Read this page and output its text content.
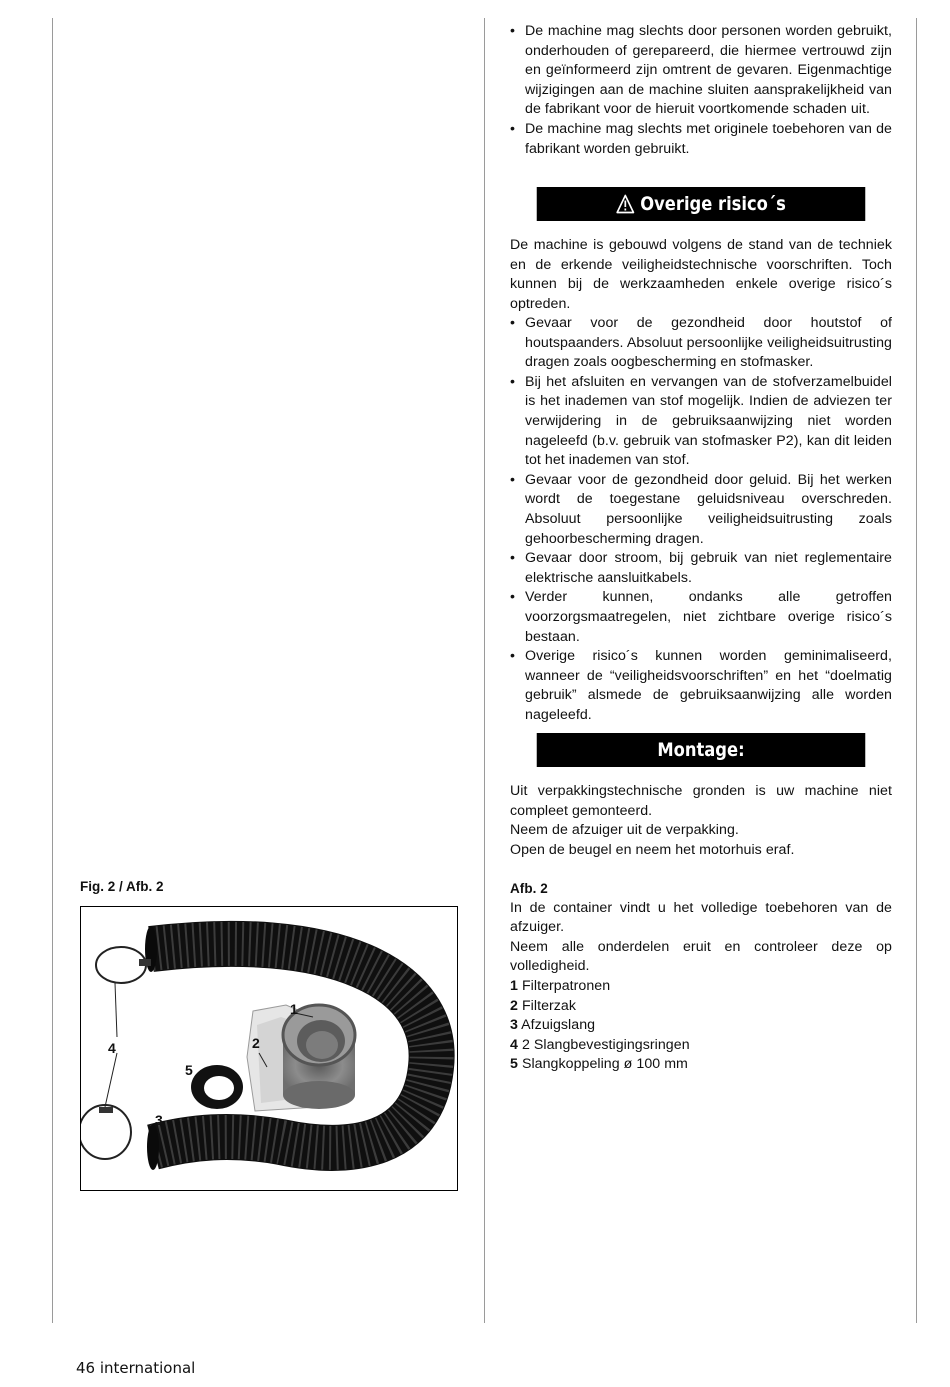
• De machine mag slechts door personen worden gebruikt, onderhouden of gerepareerd, die hiermee vertrouwd zijn en geïnformeerd zijn omtrent de gevaren. Eigenmachtige wijzigingen aan de machine sluiten aansprakelijkheid van de fabrikant voor de hieruit voortkomende schaden uit.
• De machine mag slechts met originele toebehoren van de fabrikant worden gebruikt.
Overige risico´s
De machine is gebouwd volgens de stand van de techniek en de erkende veiligheidstechnische voorschriften. Toch kunnen bij de werkzaamheden enkele overige risico´s optreden.
• Gevaar voor de gezondheid door houtstof of houtspaanders. Absoluut persoonlijke veiligheidsuitrusting dragen zoals oogbescherming en stofmasker.
• Bij het afsluiten en vervangen van de stofverzamelbuidel is het inademen van stof mogelijk. Indien de adviezen ter verwijdering in de gebruiksaanwijzing niet worden nageleefd (b.v. gebruik van stofmasker P2), kan dit leiden tot het inademen van stof.
• Gevaar voor de gezondheid door geluid. Bij het werken wordt de toegestane geluidsniveau overschreden. Absoluut persoonlijke veiligheidsuitrusting zoals gehoorbescherming dragen.
• Gevaar door stroom, bij gebruik van niet reglementaire elektrische aansluitkabels.
• Verder kunnen, ondanks alle getroffen voorzorgsmaatregelen, niet zichtbare overige risico´s bestaan.
• Overige risico´s kunnen worden geminimaliseerd, wanneer de “veiligheidsvoorschriften” en het “doelmatig gebruik” alsmede de gebruiksaanwijzing alle worden nageleefd.
Montage:
Uit verpakkingstechnische gronden is uw machine niet compleet gemonteerd.
Neem de afzuiger uit de verpakking.
Open de beugel en neem het motorhuis eraf.
Afb. 2
In de container vindt u het volledige toebehoren van de afzuiger.
Neem alle onderdelen eruit en controleer deze op volledigheid.
1 Filterpatronen
2 Filterzak
3 Afzuigslang
4 2 Slangbevestigingsringen
5 Slangkoppeling ø 100 mm
Fig. 2 / Afb. 2
1
2
3
4
5
46 international
